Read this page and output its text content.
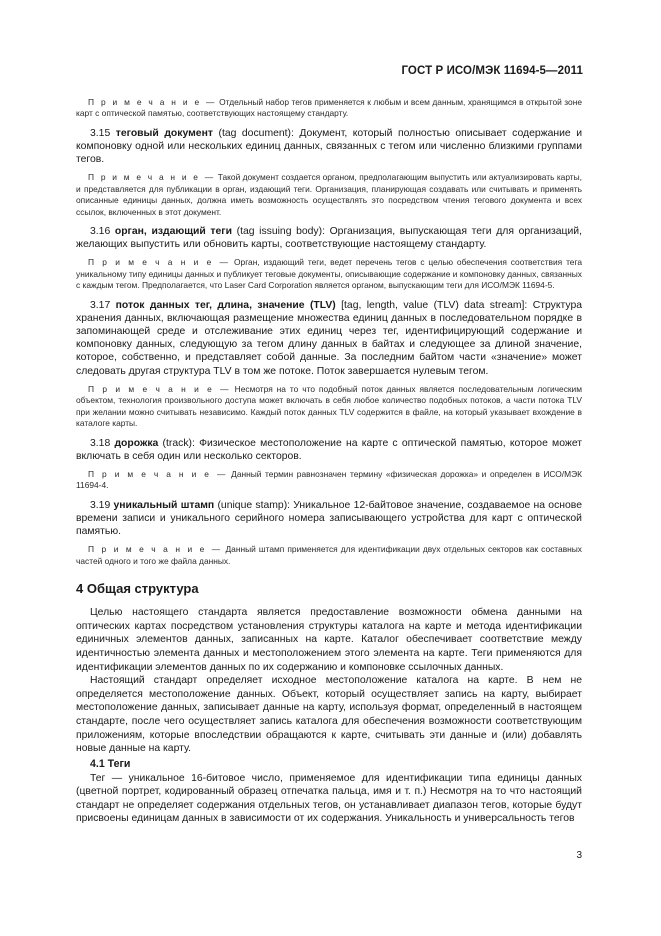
ГОСТ Р ИСО/МЭК 11694-5—2011

П р и м е ч а н и е — Отдельный набор тегов применяется к любым и всем данным, хранящимся в открытой зоне карт с оптической памятью, соответствующих настоящему стандарту.

3.15 теговый документ (tag document): Документ, который полностью описывает содержание и компоновку одной или нескольких единиц данных, связанных с тегом или численно близкими группами тегов.

П р и м е ч а н и е — Такой документ создается органом, предполагающим выпустить или актуализировать карты, и представляется для публикации в орган, издающий теги. Организация, планирующая создавать или считывать и применять описанные единицы данных, должна иметь возможность осуществлять это посредством чтения тегового документа и всех ссылок, включенных в этот документ.

3.16 орган, издающий теги (tag issuing body): Организация, выпускающая теги для организаций, желающих выпустить или обновить карты, соответствующие настоящему стандарту.

П р и м е ч а н и е — Орган, издающий теги, ведет перечень тегов с целью обеспечения соответствия тега уникальному типу единицы данных и публикует теговые документы, описывающие содержание и компоновку данных, связанных с каждым тегом. Предполагается, что Laser Card Corporation является органом, выпускающим теги для ИСО/МЭК 11694-5.

3.17 поток данных тег, длина, значение (TLV) [tag, length, value (TLV) data stream]: Структура хранения данных, включающая размещение множества единиц данных в последовательном порядке в запоминающей среде и отслеживание этих единиц через тег, идентифицирующий содержание и компоновку данных, следующую за тегом длину данных в байтах и следующее за длиной значение, которое, собственно, и представляет собой данные. За последним байтом части «значение» может следовать другая структура TLV в том же потоке. Поток завершается нулевым тегом.

П р и м е ч а н и е — Несмотря на то что подобный поток данных является последовательным логическим объектом, технология произвольного доступа может включать в себя любое количество подобных потоков, а части потока TLV при желании можно считывать независимо. Каждый поток данных TLV содержится в файле, на который указывает вхождение в каталоге карты.

3.18 дорожка (track): Физическое местоположение на карте с оптической памятью, которое может включать в себя один или несколько секторов.

П р и м е ч а н и е — Данный термин равнозначен термину «физическая дорожка» и определен в ИСО/МЭК 11694-4.

3.19 уникальный штамп (unique stamp): Уникальное 12-байтовое значение, создаваемое на основе времени записи и уникального серийного номера записывающего устройства для карт с оптической памятью.

П р и м е ч а н и е — Данный штамп применяется для идентификации двух отдельных секторов как составных частей одного и того же файла данных.

4 Общая структура

Целью настоящего стандарта является предоставление возможности обмена данными на оптических картах посредством установления структуры каталога на карте и метода идентификации единичных элементов данных, записанных на карте. Каталог обеспечивает соответствие между идентичностью элемента данных и местоположением этого элемента на карте. Теги применяются для идентификации элементов данных по их содержанию и компоновке ссылочных данных.

Настоящий стандарт определяет исходное местоположение каталога на карте. В нем не определяется местоположение данных. Объект, который осуществляет запись на карту, выбирает местоположение данных, записывает данные на карту, используя формат, определенный в настоящем стандарте, после чего осуществляет запись каталога для обеспечения возможности соответствующим приложениям, которые впоследствии обращаются к карте, считывать эти данные и (или) добавлять новые данные на карту.

4.1 Теги

Тег — уникальное 16-битовое число, применяемое для идентификации типа единицы данных (цветной портрет, кодированный образец отпечатка пальца, имя и т. п.) Несмотря на то что настоящий стандарт не определяет содержания отдельных тегов, он устанавливает диапазон тегов, которые будут присвоены единицам данных в зависимости от их содержания. Уникальность и универсальность тегов

3
